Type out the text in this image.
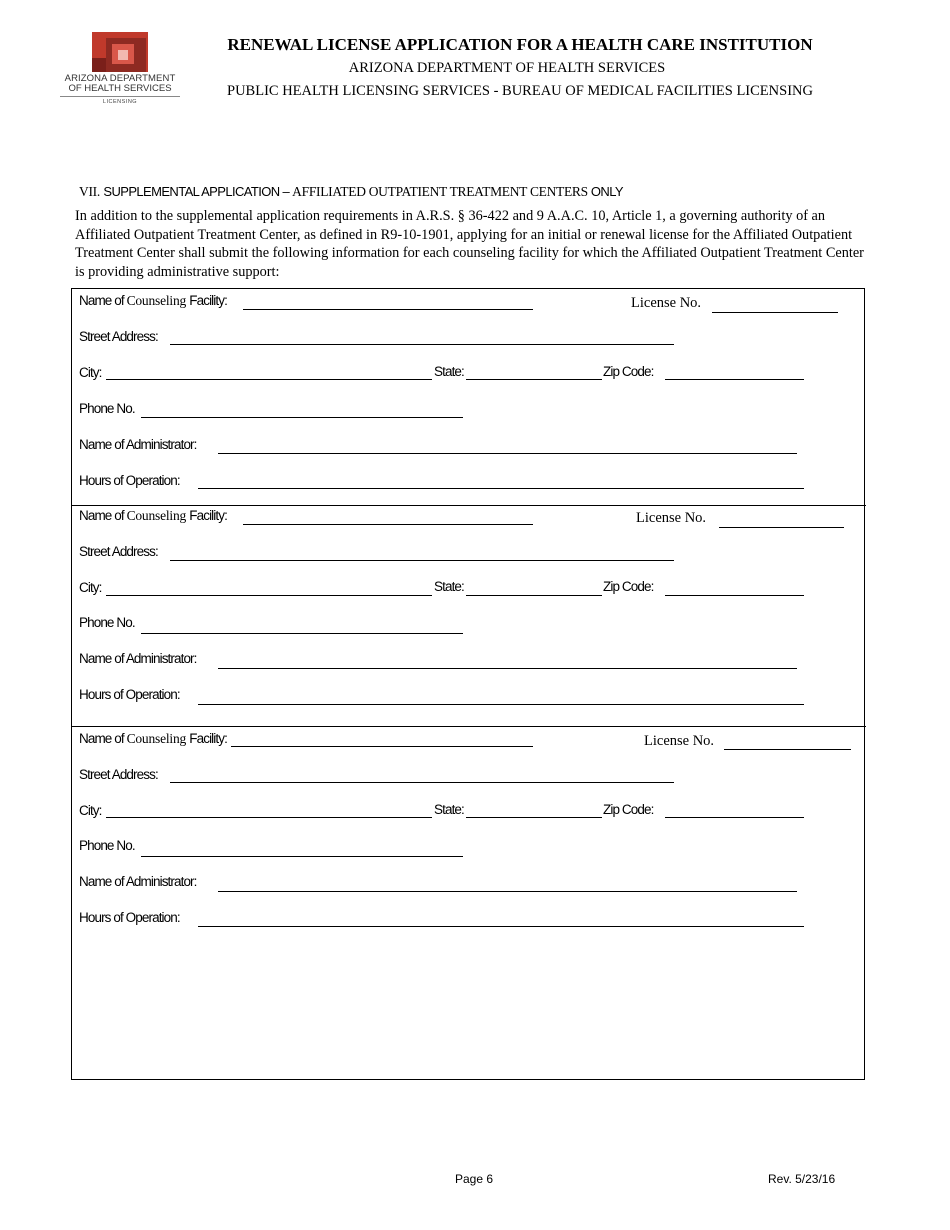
ARIZONA DEPARTMENT
OF HEALTH SERVICES
LICENSING
RENEWAL LICENSE APPLICATION FOR A HEALTH CARE INSTITUTION
ARIZONA DEPARTMENT OF HEALTH SERVICES
PUBLIC HEALTH LICENSING SERVICES - BUREAU OF MEDICAL FACILITIES LICENSING
VII. SUPPLEMENTAL APPLICATION – AFFILIATED OUTPATIENT TREATMENT CENTERS ONLY
In addition to the supplemental application requirements in A.R.S. § 36-422 and 9 A.A.C. 10, Article 1, a governing authority of an Affiliated Outpatient Treatment Center, as defined in R9-10-1901, applying for an initial or renewal license for the Affiliated Outpatient Treatment Center shall submit the following information for each counseling facility for which the Affiliated Outpatient Treatment Center is providing administrative support:
Name of Counseling Facility:	License No.
Street Address:
City:	State:	Zip Code:
Phone No.
Name of Administrator:
Hours of Operation:
Name of Counseling Facility:	License No.
Street Address:
City:	State:	Zip Code:
Phone No.
Name of Administrator:
Hours of Operation:
Name of Counseling Facility:	License No.
Street Address:
City:	State:	Zip Code:
Phone No.
Name of Administrator:
Hours of Operation:
Page 6	Rev. 5/23/16
